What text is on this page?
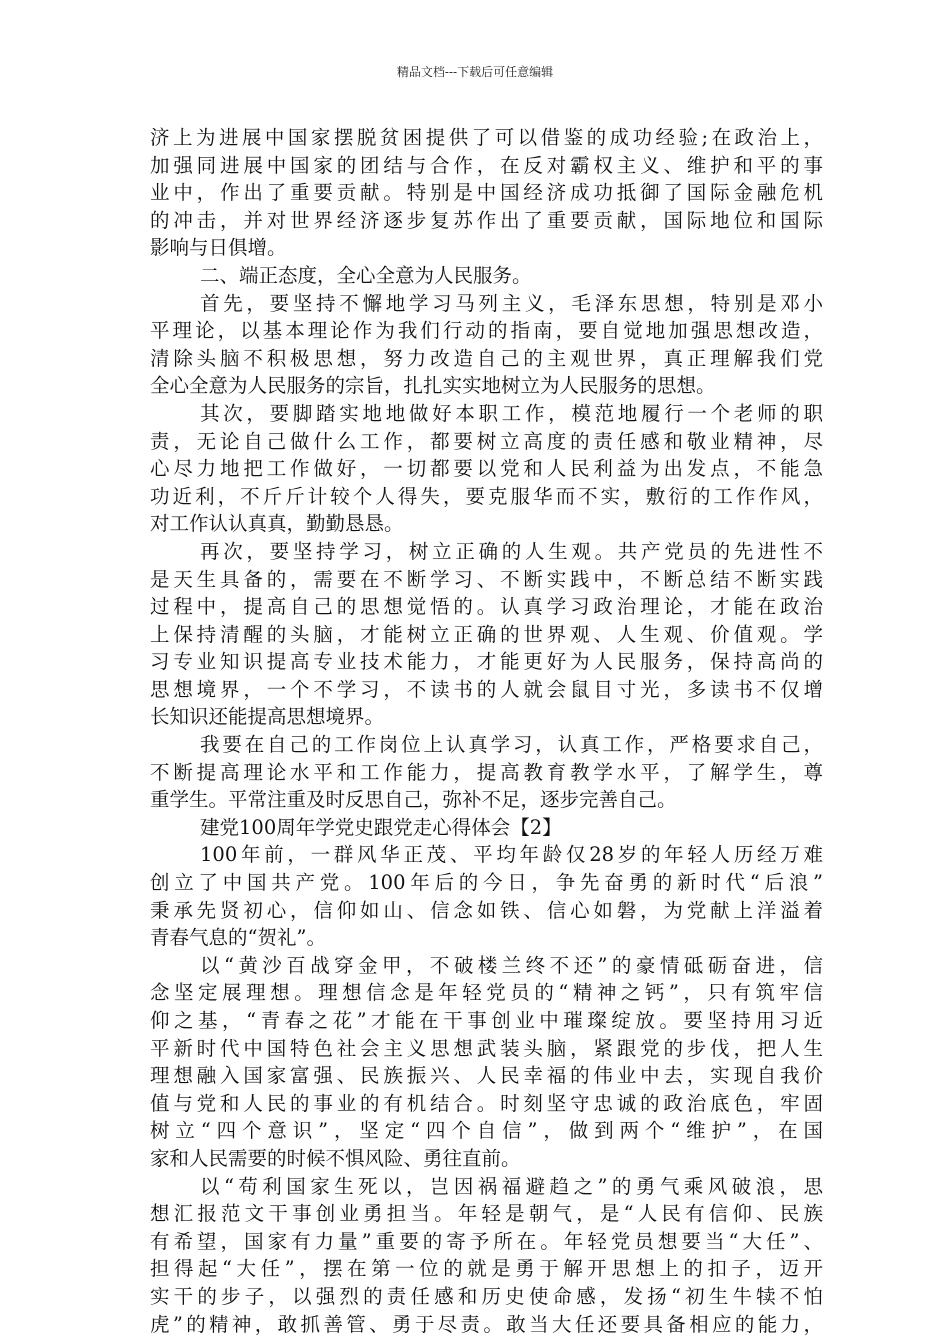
精品文档---下载后可任意编辑
济上为进展中国家摆脱贫困提供了可以借鉴的成功经验;在政治上，
加强同进展中国家的团结与合作，在反对霸权主义、维护和平的事
业中，作出了重要贡献。特别是中国经济成功抵御了国际金融危机
的冲击，并对世界经济逐步复苏作出了重要贡献，国际地位和国际
影响与日俱增。
二、端正态度，全心全意为人民服务。
首先，要坚持不懈地学习马列主义，毛泽东思想，特别是邓小
平理论，以基本理论作为我们行动的指南，要自觉地加强思想改造，
清除头脑不积极思想，努力改造自己的主观世界，真正理解我们党
全心全意为人民服务的宗旨，扎扎实实地树立为人民服务的思想。
其次，要脚踏实地地做好本职工作，模范地履行一个老师的职
责，无论自己做什么工作，都要树立高度的责任感和敬业精神，尽
心尽力地把工作做好，一切都要以党和人民利益为出发点，不能急
功近利，不斤斤计较个人得失，要克服华而不实，敷衍的工作作风，
对工作认认真真，勤勤恳恳。
再次，要坚持学习，树立正确的人生观。共产党员的先进性不
是天生具备的，需要在不断学习、不断实践中，不断总结不断实践
过程中，提高自己的思想觉悟的。认真学习政治理论，才能在政治
上保持清醒的头脑，才能树立正确的世界观、人生观、价值观。学
习专业知识提高专业技术能力，才能更好为人民服务，保持高尚的
思想境界，一个不学习，不读书的人就会鼠目寸光，多读书不仅增
长知识还能提高思想境界。
我要在自己的工作岗位上认真学习，认真工作，严格要求自己，
不断提高理论水平和工作能力，提高教育教学水平，了解学生，尊
重学生。平常注重及时反思自己，弥补不足，逐步完善自己。
建党100周年学党史跟党走心得体会【2】
100年前，一群风华正茂、平均年龄仅28岁的年轻人历经万难
创立了中国共产党。100年后的今日，争先奋勇的新时代“后浪”
秉承先贤初心，信仰如山、信念如铁、信心如磐，为党献上洋溢着
青春气息的“贺礼”。
以“黄沙百战穿金甲，不破楼兰终不还”的豪情砥砺奋进，信
念坚定展理想。理想信念是年轻党员的“精神之钙”，只有筑牢信
仰之基，“青春之花”才能在干事创业中璀璨绽放。要坚持用习近
平新时代中国特色社会主义思想武装头脑，紧跟党的步伐，把人生
理想融入国家富强、民族振兴、人民幸福的伟业中去，实现自我价
值与党和人民的事业的有机结合。时刻坚守忠诚的政治底色，牢固
树立“四个意识”，坚定“四个自信”，做到两个“维护”，在国
家和人民需要的时候不惧风险、勇往直前。
以“苟利国家生死以，岂因祸福避趋之”的勇气乘风破浪，思
想汇报范文干事创业勇担当。年轻是朝气，是“人民有信仰、民族
有希望，国家有力量”重要的寄予所在。年轻党员想要当“大任”、
担得起“大任”，摆在第一位的就是勇于解开思想上的扣子，迈开
实干的步子，以强烈的责任感和历史使命感，发扬“初生牛犊不怕
虎”的精神，敢抓善管、勇于尽责。敢当大任还要具备相应的能力，
